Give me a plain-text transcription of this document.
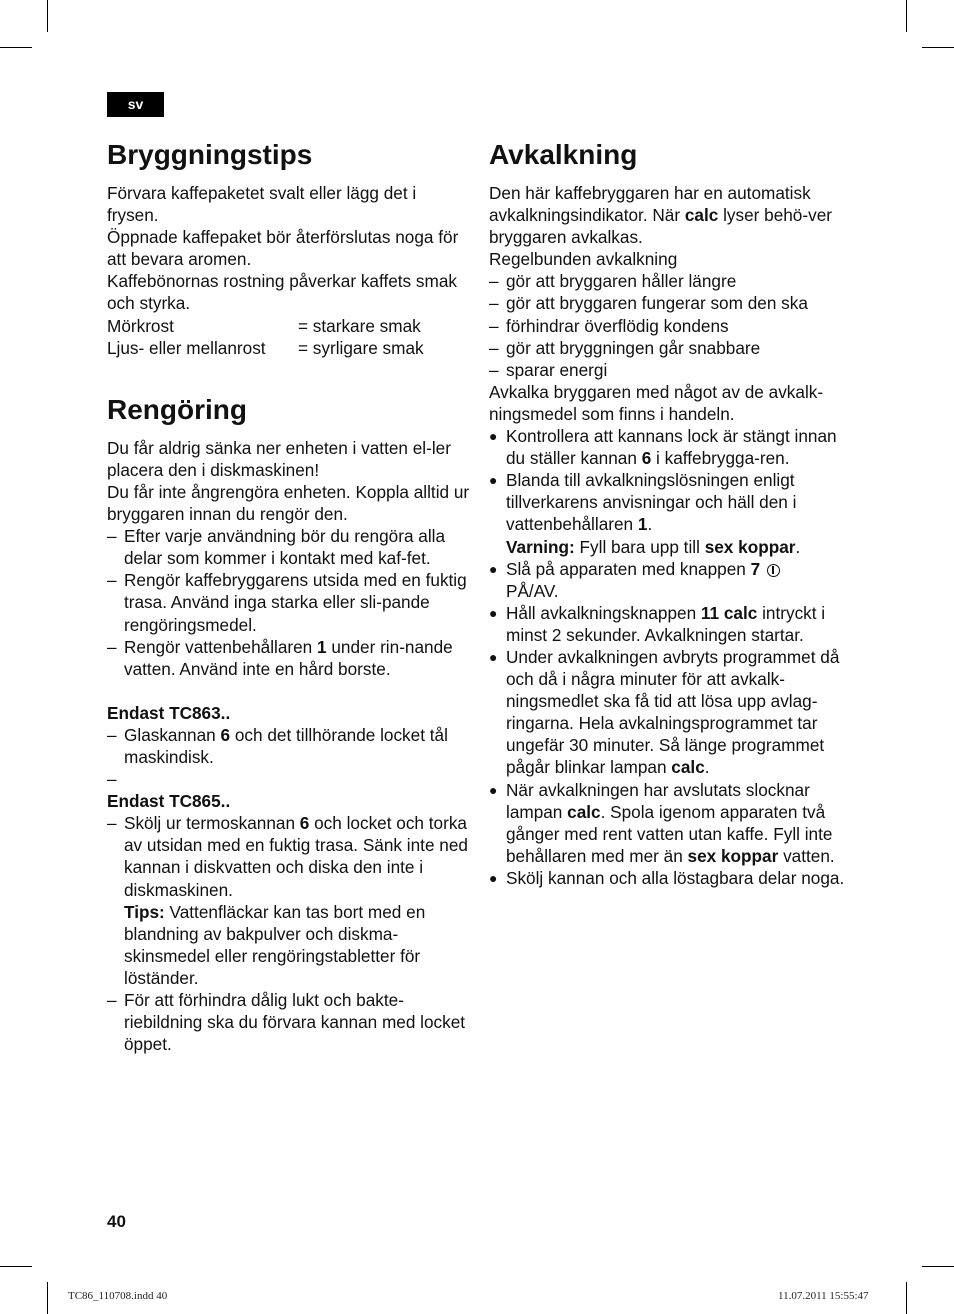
sv
Bryggningstips

Förvara kaffepaketet svalt eller lägg det i frysen.

Öppnade kaffepaket bör återförslutas noga för att bevara aromen.

Kaffebönornas rostning påverkar kaffets smak och styrka.

Mörkrost	= starkare smak
Ljus- eller mellanrost	= syrligare smak
Rengöring

Du får aldrig sänka ner enheten i vatten el-ler placera den i diskmaskinen!

Du får inte ångrengöra enheten. Koppla alltid ur bryggaren innan du rengör den.

– Efter varje användning bör du rengöra alla delar som kommer i kontakt med kaf-fet.
– Rengör kaffebryggarens utsida med en fuktig trasa. Använd inga starka eller sli-pande rengöringsmedel.
– Rengör vattenbehållaren 1 under rin-nande vatten. Använd inte en hård borste.

Endast TC863..

– Glaskannan 6 och det tillhörande locket tål maskindisk.
–

Endast TC865..

– Skölj ur termoskannan 6 och locket och torka av utsidan med en fuktig trasa. Sänk inte ned kannan i diskvatten och diska den inte i diskmaskinen.
Tips: Vattenfläckar kan tas bort med en blandning av bakpulver och diskma-skinsmedel eller rengöringstabletter för löständer.
– För att förhindra dålig lukt och bakte-riebildning ska du förvara kannan med locket öppet.
Avkalkning

Den här kaffebryggaren har en automatisk avkalkningsindikator. När calc lyser behö-ver bryggaren avkalkas.

Regelbunden avkalkning

– gör att bryggaren håller längre
– gör att bryggaren fungerar som den ska
– förhindrar överflödig kondens
– gör att bryggningen går snabbare
– sparar energi

Avkalka bryggaren med något av de avkalk-ningsmedel som finns i handeln.

● Kontrollera att kannans lock är stängt innan du ställer kannan 6 i kaffebrygga-ren.
● Blanda till avkalkningslösningen enligt tillverkarens anvisningar och häll den i vattenbehållaren 1.
Varning: Fyll bara upp till sex koppar.
● Slå på apparaten med knappen 7
PÅ/AV.
● Håll avkalkningsknappen 11 calc intryckt i minst 2 sekunder. Avkalkningen startar.
● Under avkalkningen avbryts programmet då och då i några minuter för att avkalk-ningsmedlet ska få tid att lösa upp avlag-ringarna. Hela avkalningsprogrammet tar ungefär 30 minuter. Så länge programmet pågår blinkar lampan calc.
● När avkalkningen har avslutats slocknar lampan calc. Spola igenom apparaten två gånger med rent vatten utan kaffe. Fyll inte behållaren med mer än sex koppar vatten.
● Skölj kannan och alla löstagbara delar noga.
40
TC86_110708.indd 40	11.07.2011 15:55:47
